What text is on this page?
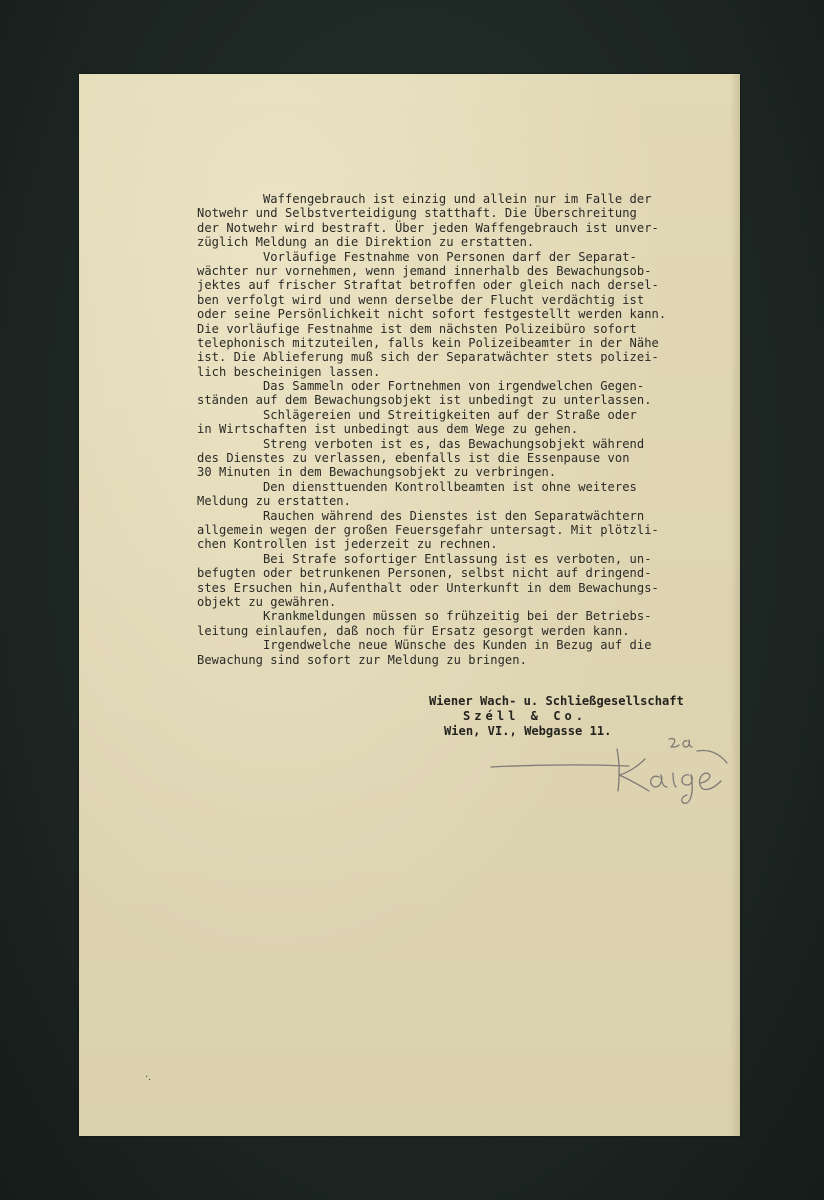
Waffengebrauch ist einzig und allein nur im Falle der
Notwehr und Selbstverteidigung statthaft. Die Überschreitung
der Notwehr wird bestraft. Über jeden Waffengebrauch ist unver-
züglich Meldung an die Direktion zu erstatten.
Vorläufige Festnahme von Personen darf der Separat-
wächter nur vornehmen, wenn jemand innerhalb des Bewachungsob-
jektes auf frischer Straftat betroffen oder gleich nach dersel-
ben verfolgt wird und wenn derselbe der Flucht verdächtig ist
oder seine Persönlichkeit nicht sofort festgestellt werden kann.
Die vorläufige Festnahme ist dem nächsten Polizeibüro sofort
telephonisch mitzuteilen, falls kein Polizeibeamter in der Nähe
ist. Die Ablieferung muß sich der Separatwächter stets polizei-
lich bescheinigen lassen.
Das Sammeln oder Fortnehmen von irgendwelchen Gegen-
ständen auf dem Bewachungsobjekt ist unbedingt zu unterlassen.
Schlägereien und Streitigkeiten auf der Straße oder
in Wirtschaften ist unbedingt aus dem Wege zu gehen.
Streng verboten ist es, das Bewachungsobjekt während
des Dienstes zu verlassen, ebenfalls ist die Essenpause von
30 Minuten in dem Bewachungsobjekt zu verbringen.
Den diensttuenden Kontrollbeamten ist ohne weiteres
Meldung zu erstatten.
Rauchen während des Dienstes ist den Separatwächtern
allgemein wegen der großen Feuersgefahr untersagt. Mit plötzli-
chen Kontrollen ist jederzeit zu rechnen.
Bei Strafe sofortiger Entlassung ist es verboten, un-
befugten oder betrunkenen Personen, selbst nicht auf dringend-
stes Ersuchen hin,Aufenthalt oder Unterkunft in dem Bewachungs-
objekt zu gewähren.
Krankmeldungen müssen so frühzeitig bei der Betriebs-
leitung einlaufen, daß noch für Ersatz gesorgt werden kann.
Irgendwelche neue Wünsche des Kunden in Bezug auf die
Bewachung sind sofort zur Meldung zu bringen.
Wiener Wach- u. Schließgesellschaft
Széll & Co.
Wien, VI., Webgasse 11.
·.
